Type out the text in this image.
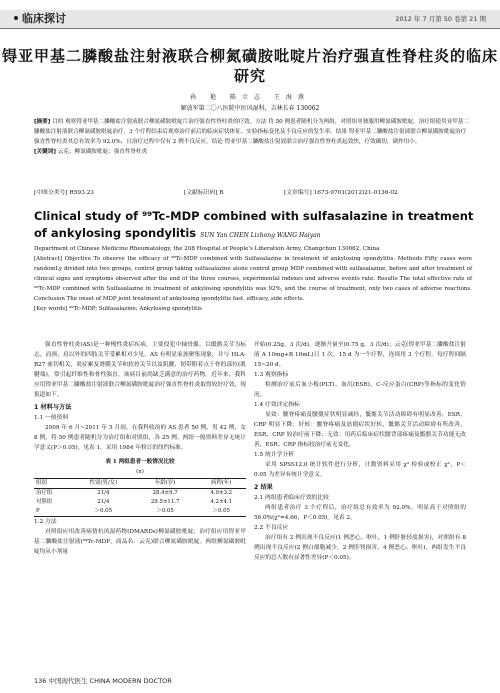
临床探讨	2012 年 7 月第 50 卷第 21 期
锝亚甲基二膦酸盐注射液联合柳氮磺胺吡啶片治疗强直性脊柱炎的临床研究
孙 艳 陈立志 王海燕
解放军第二〇八医院中医风湿科，吉林长春 130062
[摘要] 目的 观察锝亚甲基二膦酸盐注射液联合柳氮磺胺吡啶片治疗强直性脊柱炎的疗效。方法 将 50 例患者随机分为两组，对照组单独服用柳氮磺胺吡啶，治疗组使用亚甲基二膦酸盐注射液联合柳氮磺胺吡啶治疗，3 个疗程结束后观察治疗前后的临床症状体征、实验指标变化及不良反应的发生率。结果 锝亚甲基二膦酸盐注射液联合柳氮磺胺吡啶治疗强直性脊柱炎其总有效率为 92.0%，且治疗过程中仅有 2 例不良反应。结论 锝亚甲基二膦酸盐注射液联合治疗强直性脊柱炎起效快，疗效确切，副作用小。
[关键词] 云克；柳氮磺胺吡啶；强直性脊柱炎
[中图分类号] R593.23	[文献标识码] B	[文章编号] 1673-9701(2012)21-0136-02
Clinical study of ⁹⁹Tc-MDP combined with sulfasalazine in treatment of ankylosing spondylitis SUN Yan CHEN Lizhong WANG Haiyan
Department of Chinese Medicine Rheumatology, the 208 Hospital of People's Liberation Army, Changchun 130062, China
[Abstract] Objective To observe the efficacy of ⁹⁹Tc-MDP combined with Sulfasalazine in treatment of ankylosing spondylitis. Methods Fifty cases were randomLy divided into two groups, control group taking sulfasalazine alone control group MDP combined with sulfasalazine, before and after treatment of clinical signs and symptoms observed after the end of the three courses, experimental indexes and adverse events rate. Results The total effective rate of ⁹⁹Tc-MDP combined with Sulfasalazine in treatment of ankylosing spondylitis was 92%, and the course of treatment, only two cases of adverse reactions. Conclusion The onset of MDP joint treatment of ankylosing spondylitis fast, efficacy, side effects.
[Key words] ⁹⁹Tc-MDP; Sulfasalazine; Ankylosing spondylitis

强直性脊柱炎(AS)是一种慢性炎症疾病，主要侵犯中轴骨骼，以骶髂关节为标志，而颈、肩以外的四肢关节受累相对少见。AS 有明显家族聚集现象，并与 HLA-B27 密切相关，炎症累及滑膜关节和软骨关节以及肌腱、韧带附着点于骨的部位(肌腱端)，常引起纤维性和骨性强直。该病目前尚缺乏满意的治疗药物。近年来，我科应用锝亚甲基二膦酸盐注射液联合柳氮磺胺吡啶治疗强直性脊柱炎取得较好疗效，现报道如下。

1 材料与方法
1.1 一般资料

2009 年 6 月~2011 年 5 月间，在我科收治的 AS 患者 50 例，男 42 例，女 8 例，将 50 例患者随机分为治疗组和对照组，各 25 例。两组一般资料差异无统计学意义(P＞0.05)。见表 1。采用 1984 年修订的纽约标准。

表 1 两组患者一般情况比较
(n)
组别	性别(男/女)	年龄(岁)	病程(年)
治疗组	21/4	28.4±9.7	4.9±3.2
对照组	21/4	29.5±11.7	4.2±4.1
P	＞0.05	＞0.05	＞0.05
1.2 方法

对照组应用改善病情抗风湿药物(DMARDs)柳氮磺胺吡啶；治疗组应用锝亚甲基二膦酸盐注射液(⁹⁹Tc-MDP，商品名：云克)联合柳氮磺胺吡啶。两组柳氮磺胺吡啶均从小剂量

开始(0.25g，3 次/d)，逐渐升量至(0.75 g，3 次/d)；云克(锝亚甲基二膦酸盐注射液 A 10mg+B 10mL)日 1 次，15 d 为一个疗程，连续用 3 个疗程，每疗程间隔 15~20 d。

1.3 观察指标

检测治疗前后血小板(PLT)、血沉(ESR)、C-反应蛋白(CRP)等指标的变化情况。

1.4 疗效评定指标

显效：腰脊疼痛及腰僵症状明显减轻，骶髂关节活动障碍有明显改善，ESR、CRP 明显下降；好转：腰脊疼痛及晨僵症状好转，骶髂关节活动障碍有所改善，ESR、CRP 较治疗前下降；无效：用药后临床症状腰背部疼痛及骶髂关节功能无改善，ESR、CRP 指标较治疗前无变化。

1.5 统计学分析

采用 SPSS12.0 统计软件进行分析，计数资料采用 χ² 检验或校正 χ²，P＜0.05 为差异有统计学意义。

2 结果
2.1 两组患者临床疗效的比较

两组患者治疗 3 个疗程后，治疗组总有效率为 92.0%，明显高于对照组的 56.0%(χ²=4.66，P＜0.05)。见表 2。

2.2 不良反应

治疗组有 2 例出现不良反应(1 例恶心、呕吐，1 例肝脏轻度损害)，对照组有 8 例出现不良反应(2 例白细胞减少，2 例肝肾损害，4 例恶心、呕吐)，两组发生不良反应的总人数有显著性差异(P＜0.05)。

136 中国现代医生 CHINA MODERN DOCTOR
